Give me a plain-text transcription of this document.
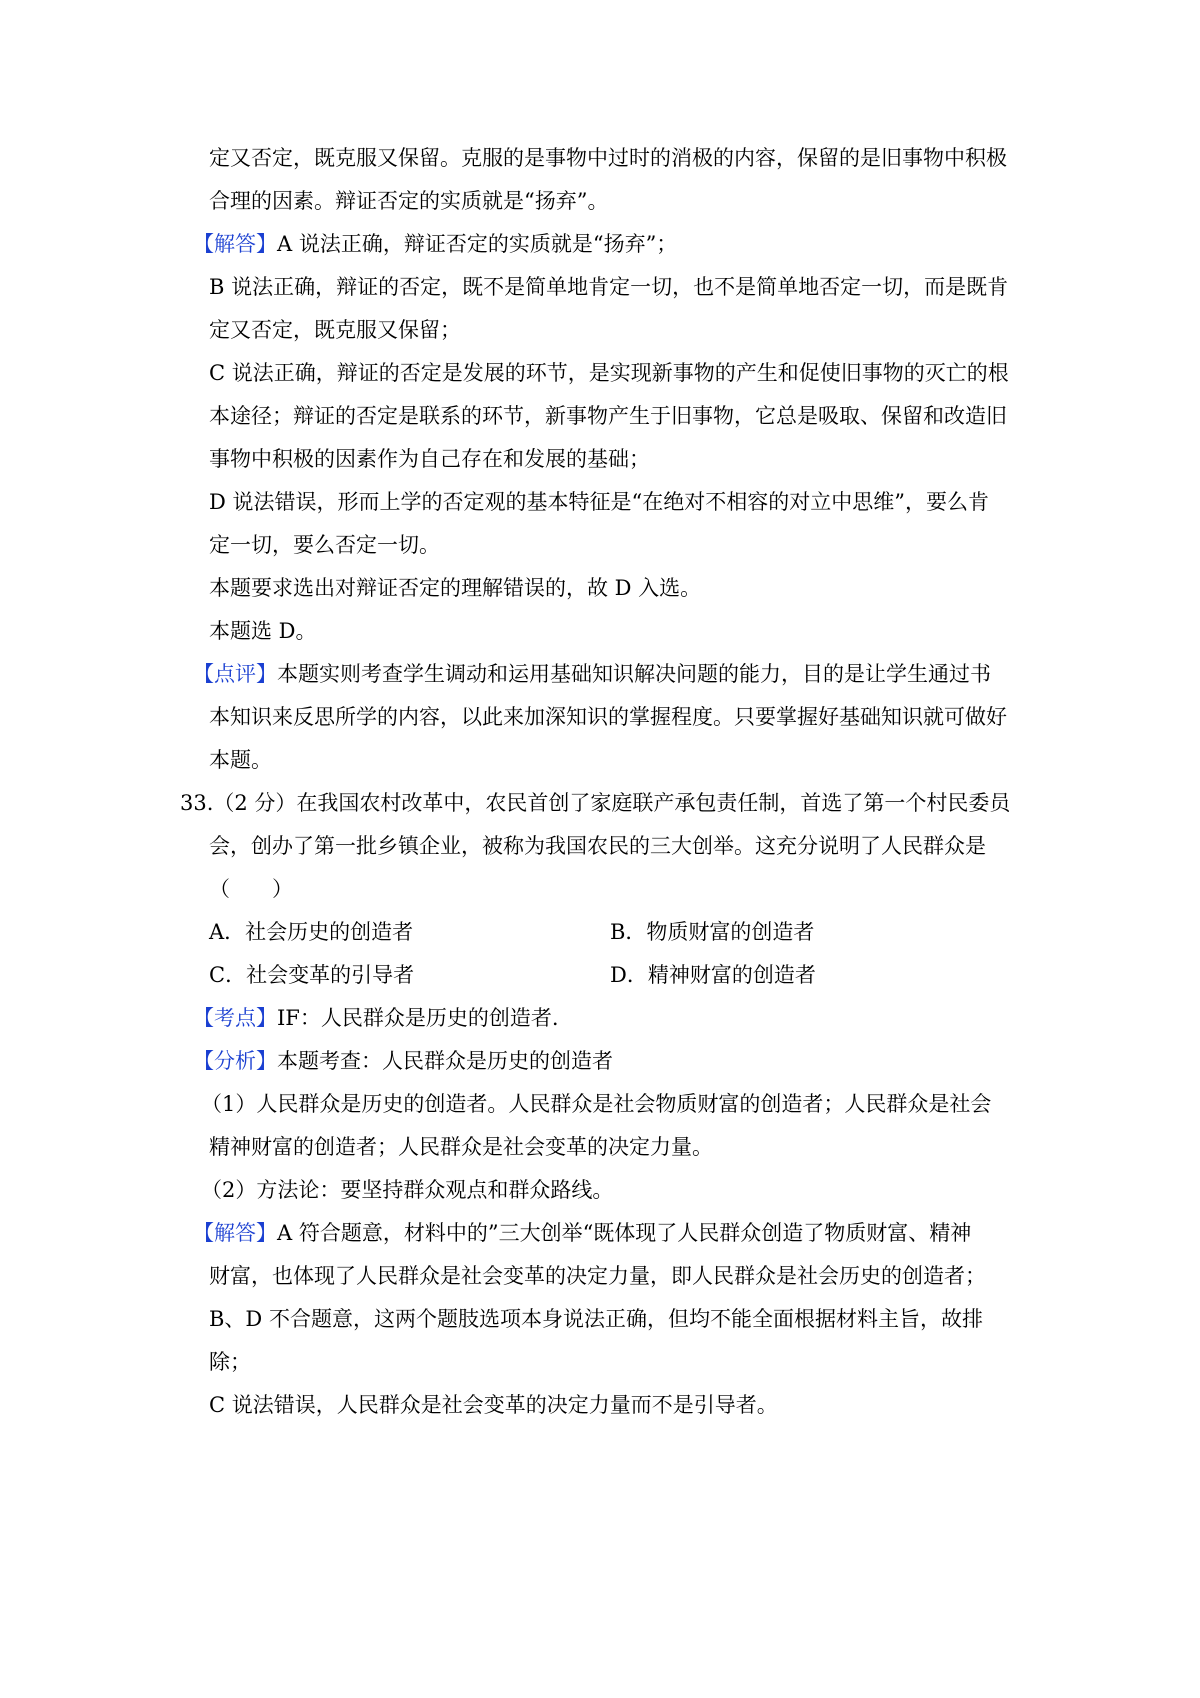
定又否定，既克服又保留。克服的是事物中过时的消极的内容，保留的是旧事物中积极
合理的因素。辩证否定的实质就是“扬弃”。
【解答】A 说法正确，辩证否定的实质就是“扬弃”；
B 说法正确，辩证的否定，既不是简单地肯定一切，也不是简单地否定一切，而是既肯
定又否定，既克服又保留；
C 说法正确，辩证的否定是发展的环节，是实现新事物的产生和促使旧事物的灭亡的根
本途径；辩证的否定是联系的环节，新事物产生于旧事物，它总是吸取、保留和改造旧
事物中积极的因素作为自己存在和发展的基础；
D 说法错误，形而上学的否定观的基本特征是“在绝对不相容的对立中思维”，要么肯
定一切，要么否定一切。
本题要求选出对辩证否定的理解错误的，故 D 入选。
本题选 D。
【点评】本题实则考查学生调动和运用基础知识解决问题的能力，目的是让学生通过书
本知识来反思所学的内容，以此来加深知识的掌握程度。只要掌握好基础知识就可做好
本题。
33.（2 分）在我国农村改革中，农民首创了家庭联产承包责任制，首选了第一个村民委员
会，创办了第一批乡镇企业，被称为我国农民的三大创举。这充分说明了人民群众是
（　　）
A．社会历史的创造者	B．物质财富的创造者
C．社会变革的引导者	D．精神财富的创造者
【考点】IF：人民群众是历史的创造者.
【分析】本题考查：人民群众是历史的创造者
（1）人民群众是历史的创造者。人民群众是社会物质财富的创造者；人民群众是社会
精神财富的创造者；人民群众是社会变革的决定力量。
（2）方法论：要坚持群众观点和群众路线。
【解答】A 符合题意，材料中的”三大创举“既体现了人民群众创造了物质财富、精神
财富，也体现了人民群众是社会变革的决定力量，即人民群众是社会历史的创造者；
B、D 不合题意，这两个题肢选项本身说法正确，但均不能全面根据材料主旨，故排
除；
C 说法错误，人民群众是社会变革的决定力量而不是引导者。
